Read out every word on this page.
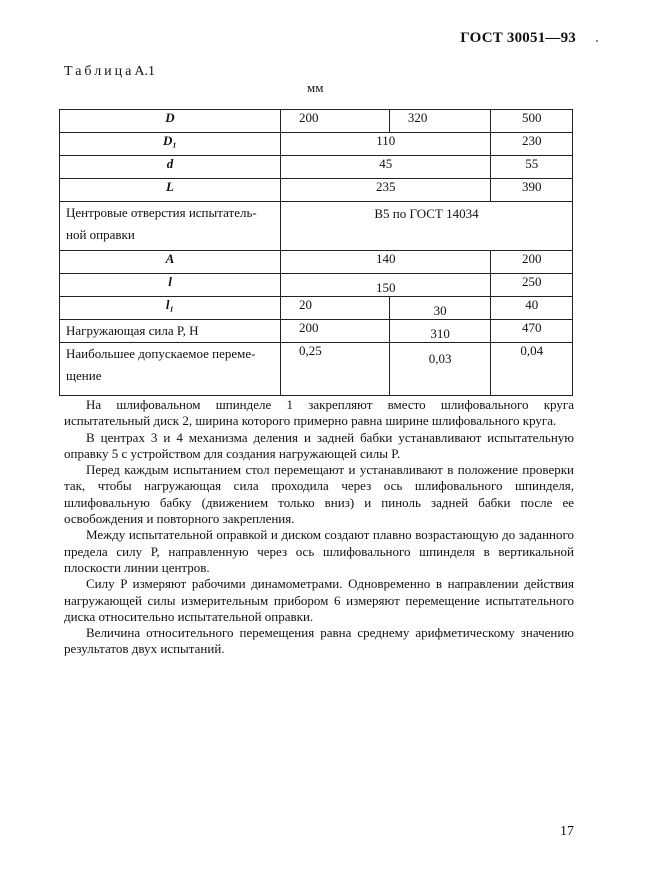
ГОСТ 30051—93
ТаблицаА.1
мм
D	200	320	500
D₁	110		230
d	45		55
L	235		390
Центровые отверстия испытатель-
ной оправки	B5 по ГОСТ 14034		
A	140		200
l	150		250
l₁	20	30	40
Нагружающая сила P, Н	200	310	470
Наибольшее допускаемое переме-
щение	0,25	0,03	0,04

На шлифовальном шпинделе 1 закрепляют вместо шлифовального круга испытательный диск 2, ширина которого примерно равна ширине шлифовального круга.

В центрах 3 и 4 механизма деления и задней бабки устанавливают испытательную оправку 5 с устройством для создания нагружающей силы P.

Перед каждым испытанием стол перемещают и устанавливают в положение проверки так, чтобы нагружающая сила проходила через ось шлифовального шпинделя, шлифовальную бабку (движением только вниз) и пиноль задней бабки после ее освобождения и повторного закрепления.

Между испытательной оправкой и диском создают плавно возрастающую до заданного предела силу P, направленную через ось шлифовального шпинделя в вертикальной плоскости линии центров.

Силу P измеряют рабочими динамометрами. Одновременно в направлении действия нагружающей силы измерительным прибором 6 измеряют перемещение испытательного диска относительно испытательной оправки.

Величина относительного перемещения равна среднему арифметическому значению результатов двух испытаний.

17
